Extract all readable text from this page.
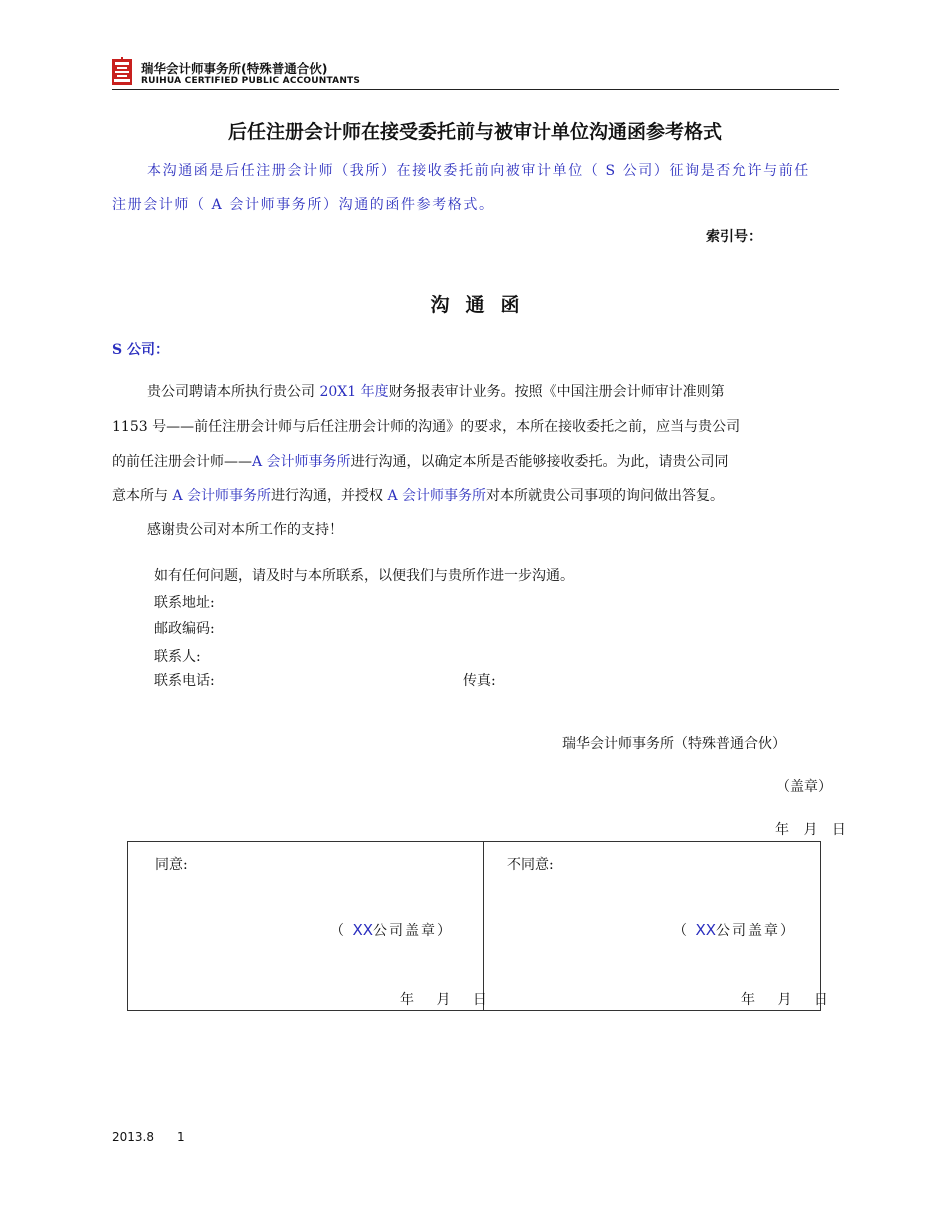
瑞华会计师事务所(特殊普通合伙)
RUIHUA CERTIFIED PUBLIC ACCOUNTANTS
后任注册会计师在接受委托前与被审计单位沟通函参考格式
本沟通函是后任注册会计师（我所）在接收委托前向被审计单位（ S 公司）征询是否允许与前任
注册会计师（ A 会计师事务所）沟通的函件参考格式。
索引号：
沟通函
S 公司：
贵公司聘请本所执行贵公司 20X1 年度财务报表审计业务。按照《中国注册会计师审计准则第
1153 号——前任注册会计师与后任注册会计师的沟通》的要求，本所在接收委托之前，应当与贵公司
的前任注册会计师——A 会计师事务所进行沟通，以确定本所是否能够接收委托。为此，请贵公司同
意本所与 A 会计师事务所进行沟通，并授权 A 会计师事务所对本所就贵公司事项的询问做出答复。
感谢贵公司对本所工作的支持！
如有任何问题，请及时与本所联系，以便我们与贵所作进一步沟通。
联系地址:
邮政编码:
联系人:
联系电话:	传真:
瑞华会计师事务所（特殊普通合伙）
（盖章）
年 月 日
同意:
（ XX公司盖章）
年 月 日
不同意:
（ XX公司盖章）
年 月 日
2013.8 1
